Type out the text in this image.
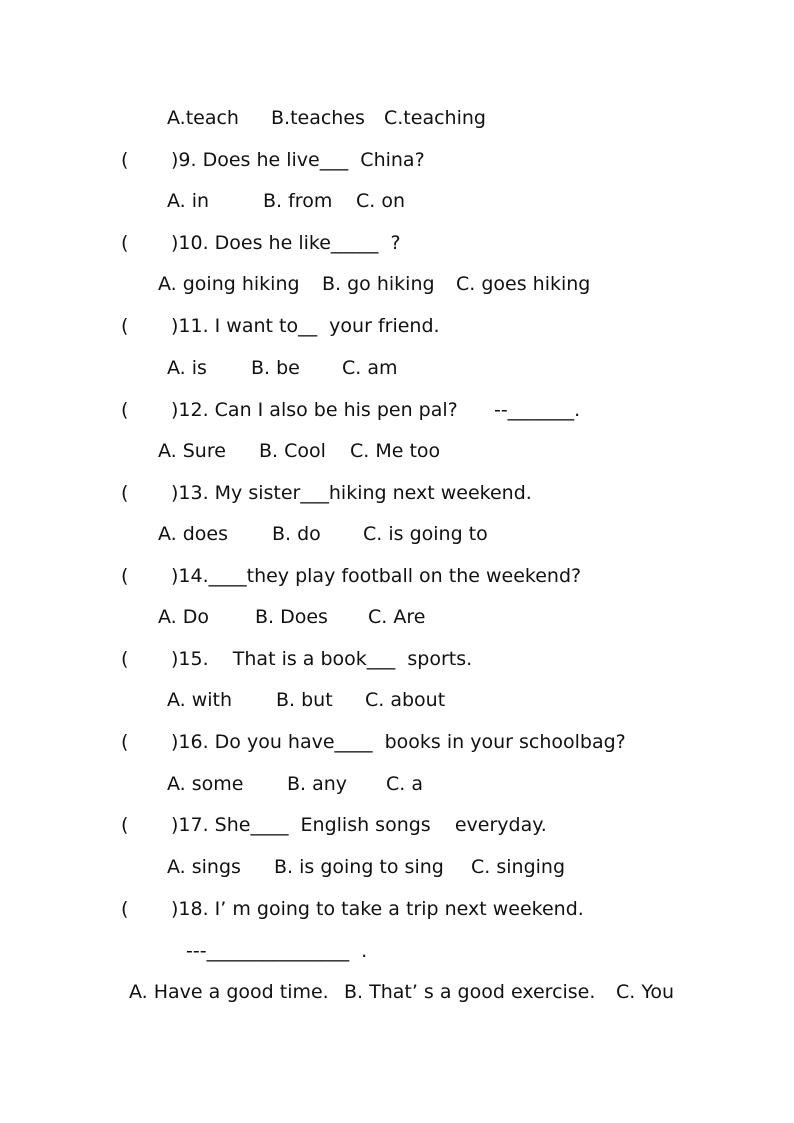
A.teach B.teaches C.teaching
( )9. Does he live___  China?
A. in	B. from C. on
( )10. Does he like_____  ?
A. going hiking B. go hiking C. goes hiking
( )11. I want to__  your friend.
A. is B. be C. am
( )12. Can I also be his pen pal?      --_______.
A. Sure B. Cool C. Me too
( )13. My sister___hiking next weekend.
A. does B. do C. is going to
( )14.____they play football on the weekend?
A. Do B. Does C. Are
( )15.    That is a book___  sports.
A. with B. but C. about
( )16. Do you have____  books in your schoolbag?
A. some B. any C. a
( )17. She____  English songs    everyday.
A. sings B. is going to sing C. singing
( )18. I’ m going to take a trip next weekend.
---_______________  .
A. Have a good time. B. That’ s a good exercise. C. You
